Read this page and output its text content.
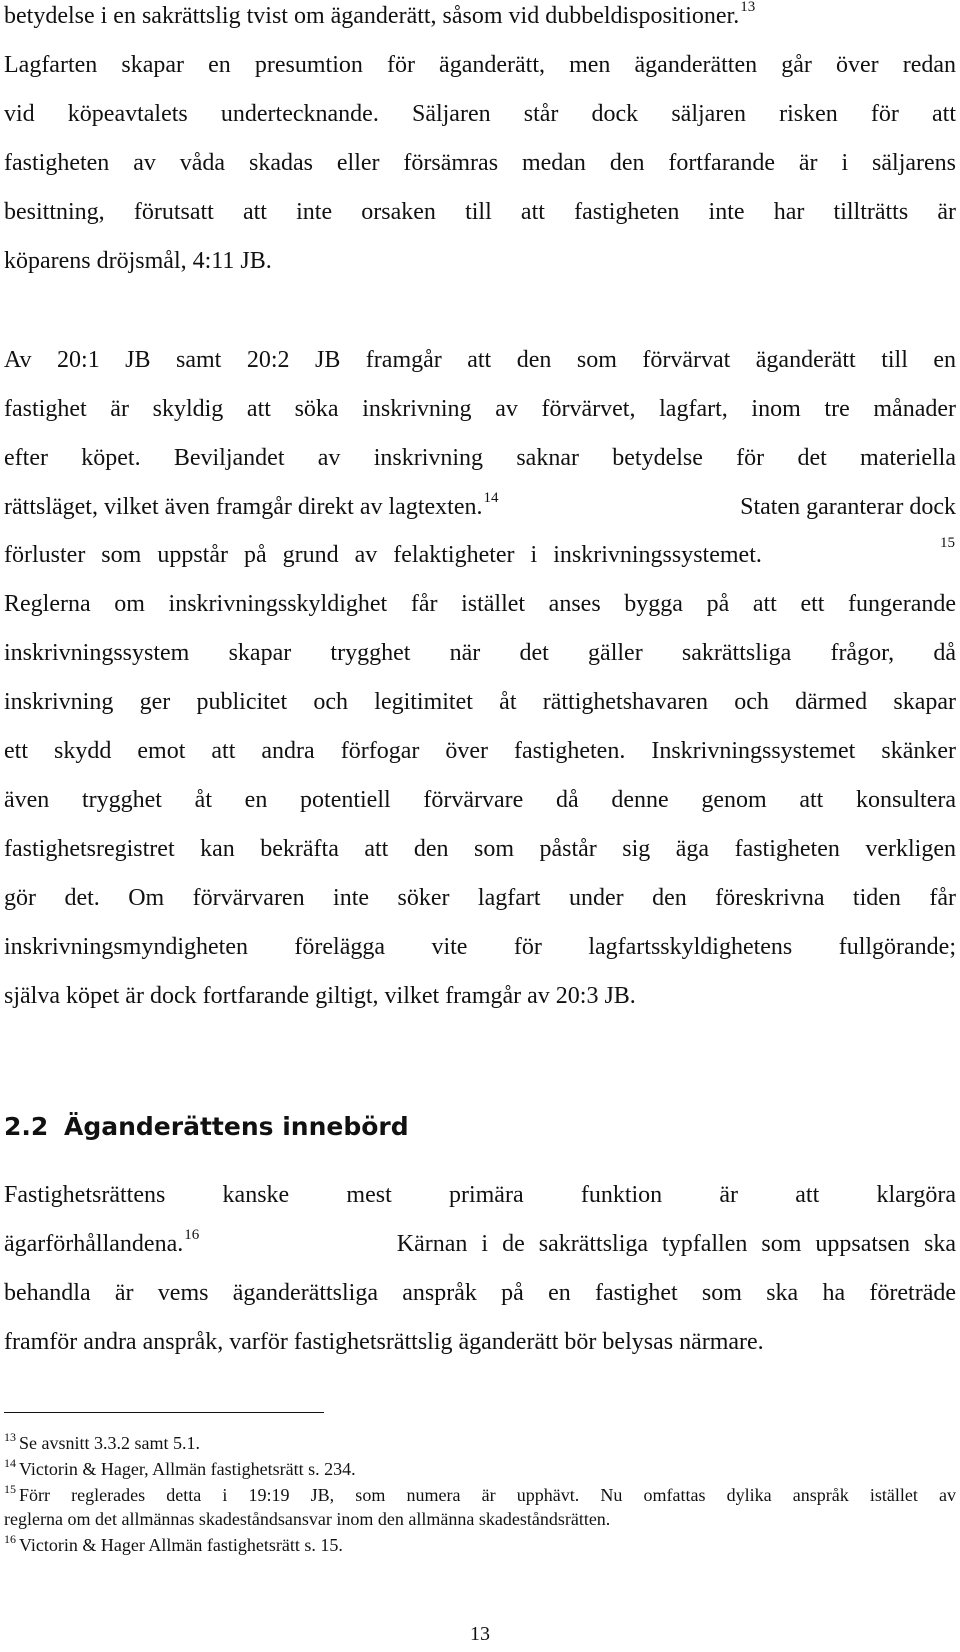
betydelse i en sakrättslig tvist om äganderätt, såsom vid dubbeldispositioner.$^{13}$
Lagfarten skapar en presumtion för äganderätt, men äganderätten går över redan
vid köpeavtalets undertecknande. Säljaren står dock säljaren risken för att
fastigheten av våda skadas eller försämras medan den fortfarande är i säljarens
besittning, förutsatt att inte orsaken till att fastigheten inte har tillträtts är
köparens dröjsmål, 4:11 JB.
Av 20:1 JB samt 20:2 JB framgår att den som förvärvat äganderätt till en
fastighet är skyldig att söka inskrivning av förvärvet, lagfart, inom tre månader
efter köpet. Beviljandet av inskrivning saknar betydelse för det materiella
rättsläget, vilket även framgår direkt av lagtexten.$^{14}$	Staten garanterar dock
förluster som uppstår på grund av felaktigheter i inskrivningssystemet.	15
Reglerna om inskrivningsskyldighet får istället anses bygga på att ett fungerande
inskrivningssystem skapar trygghet när det gäller sakrättsliga frågor, då
inskrivning ger publicitet och legitimitet åt rättighetshavaren och därmed skapar
ett skydd emot att andra förfogar över fastigheten. Inskrivningssystemet skänker
även trygghet åt en potentiell förvärvare då denne genom att konsultera
fastighetsregistret kan bekräfta att den som påstår sig äga fastigheten verkligen
gör det. Om förvärvaren inte söker lagfart under den föreskrivna tiden får
inskrivningsmyndigheten förelägga vite för lagfartsskyldighetens fullgörande;
själva köpet är dock fortfarande giltigt, vilket framgår av 20:3 JB.
2.2 Äganderättens innebörd
Fastighetsrättens kanske mest primära funktion är att klargöra
ägarförhållandena.$^{16}$	Kärnan i de sakrättsliga typfallen som uppsatsen ska
behandla är vems äganderättsliga anspråk på en fastighet som ska ha företräde
framför andra anspråk, varför fastighetsrättslig äganderätt bör belysas närmare.
$^{13}$ Se avsnitt 3.3.2 samt 5.1.
$^{14}$ Victorin & Hager, Allmän fastighetsrätt s. 234.
$^{15}$ Förr reglerades detta i 19:19 JB, som numera är upphävt. Nu omfattas dylika anspråk istället av
reglerna om det allmännas skadeståndsansvar inom den allmänna skadeståndsrätten.
$^{16}$ Victorin & Hager Allmän fastighetsrätt s. 15.
13
